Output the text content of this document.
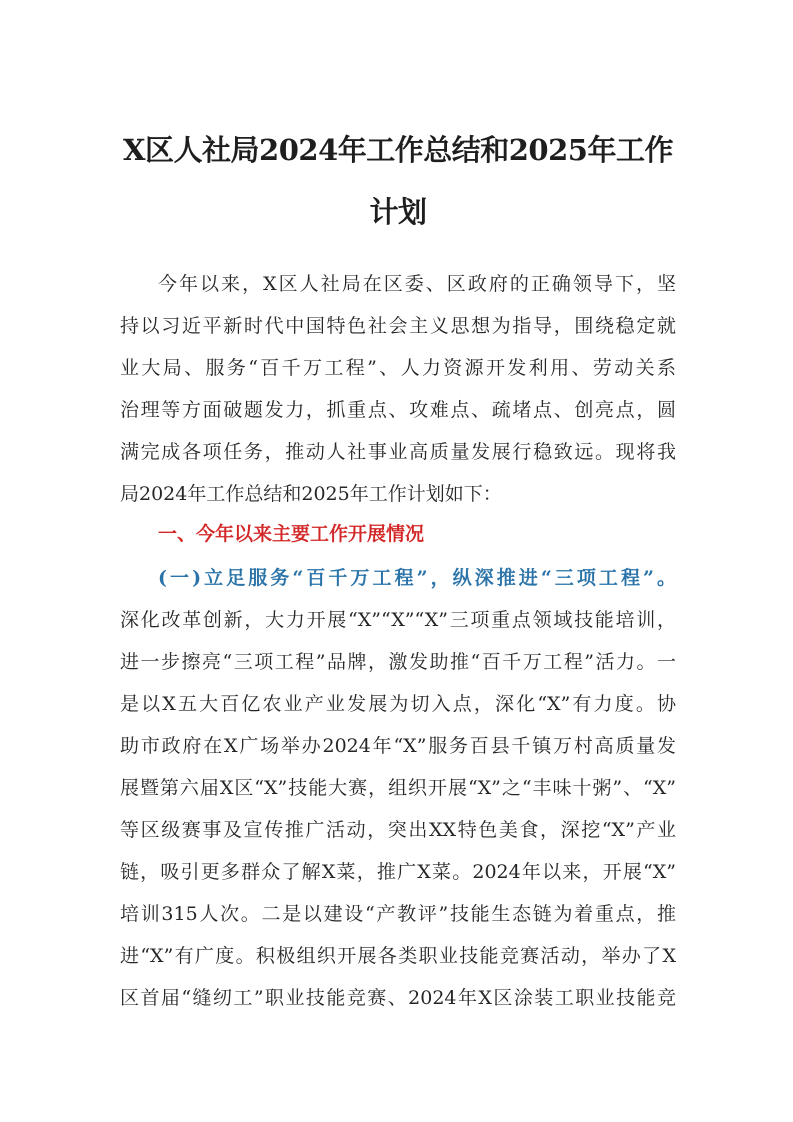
X区人社局2024年工作总结和2025年工作
计划
今年以来，X区人社局在区委、区政府的正确领导下，坚
持以习近平新时代中国特色社会主义思想为指导，围绕稳定就
业大局、服务“百千万工程”、人力资源开发利用、劳动关系
治理等方面破题发力，抓重点、攻难点、疏堵点、创亮点，圆
满完成各项任务，推动人社事业高质量发展行稳致远。现将我
局2024年工作总结和2025年工作计划如下：
一、今年以来主要工作开展情况
(一)立足服务“百千万工程”，纵深推进“三项工程”。
深化改革创新，大力开展“X”“X”“X”三项重点领域技能培训，
进一步擦亮“三项工程”品牌，激发助推“百千万工程”活力。一
是以X五大百亿农业产业发展为切入点，深化“X”有力度。协
助市政府在X广场举办2024年“X”服务百县千镇万村高质量发
展暨第六届X区“X”技能大赛，组织开展“X”之“丰味十粥”、“X”
等区级赛事及宣传推广活动，突出XX特色美食，深挖“X”产业
链，吸引更多群众了解X菜，推广X菜。2024年以来，开展“X”
培训315人次。二是以建设“产教评”技能生态链为着重点，推
进“X”有广度。积极组织开展各类职业技能竞赛活动，举办了X
区首届“缝纫工”职业技能竞赛、2024年X区涂装工职业技能竞
